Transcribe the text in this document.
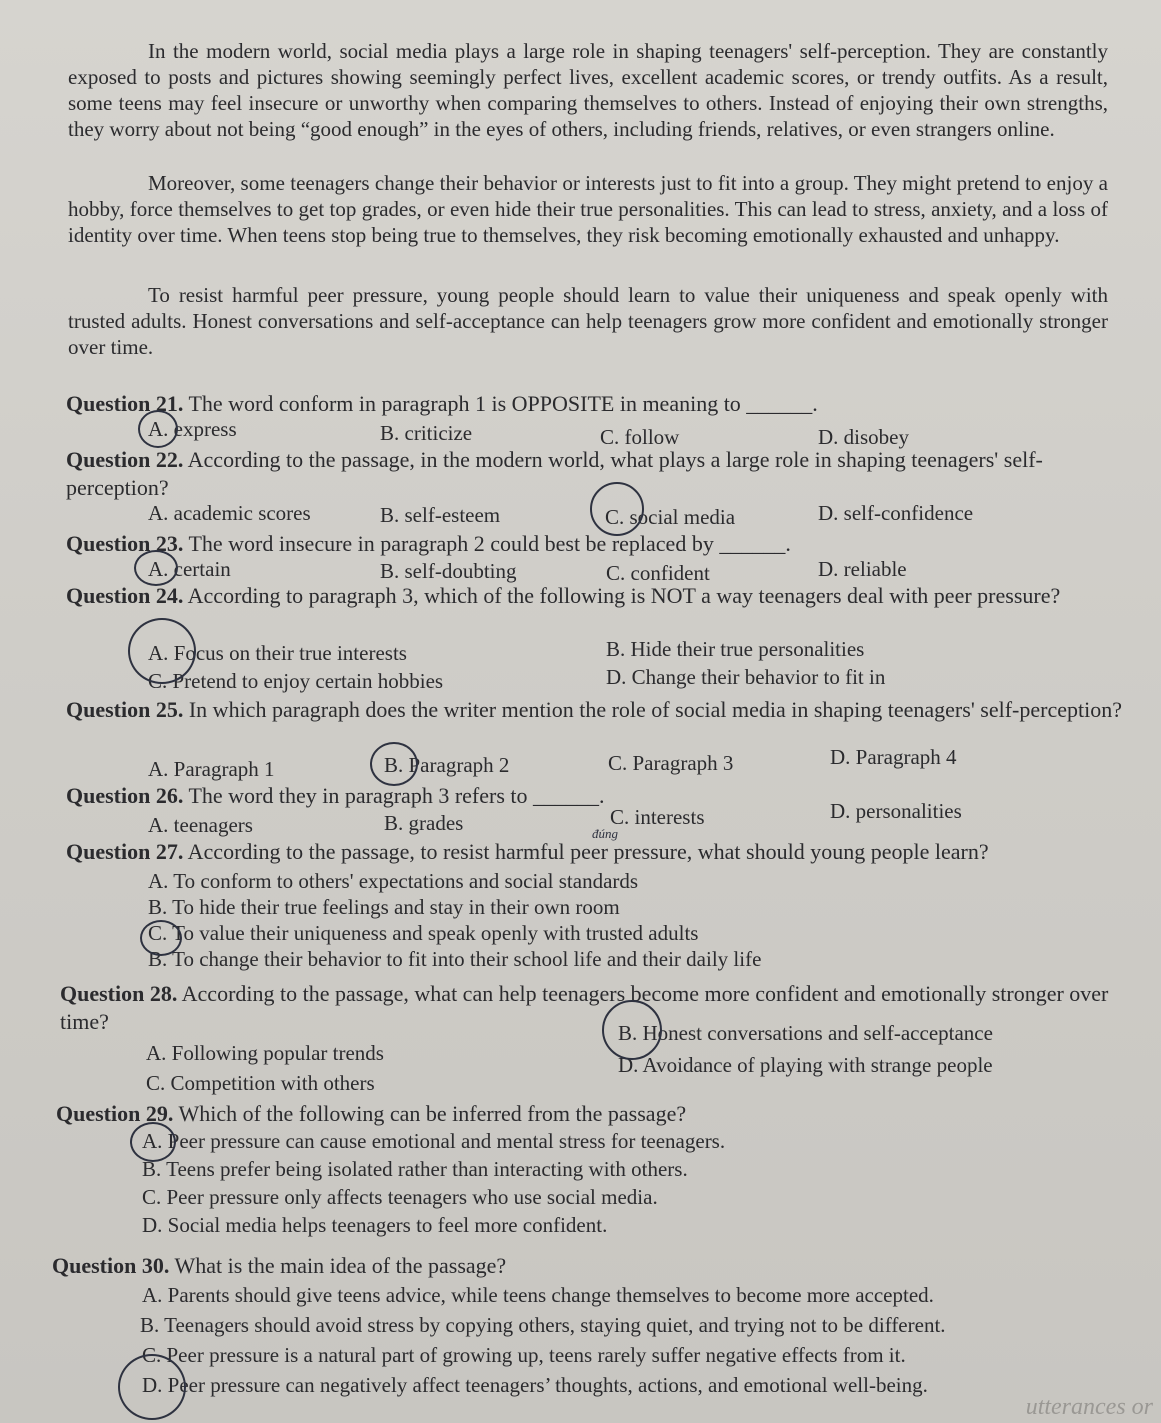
In the modern world, social media plays a large role in shaping teenagers' self-perception. They are constantly exposed to posts and pictures showing seemingly perfect lives, excellent academic scores, or trendy outfits. As a result, some teens may feel insecure or unworthy when comparing themselves to others. Instead of enjoying their own strengths, they worry about not being “good enough” in the eyes of others, including friends, relatives, or even strangers online.
Moreover, some teenagers change their behavior or interests just to fit into a group. They might pretend to enjoy a hobby, force themselves to get top grades, or even hide their true personalities. This can lead to stress, anxiety, and a loss of identity over time. When teens stop being true to themselves, they risk becoming emotionally exhausted and unhappy.
To resist harmful peer pressure, young people should learn to value their uniqueness and speak openly with trusted adults. Honest conversations and self-acceptance can help teenagers grow more confident and emotionally stronger over time.
Question 21. The word conform in paragraph 1 is OPPOSITE in meaning to ______.
A. express	B. criticize	C. follow	D. disobey
Question 22. According to the passage, in the modern world, what plays a large role in shaping teenagers' self-perception?
A. academic scores	B. self-esteem	C. social media	D. self-confidence
Question 23. The word insecure in paragraph 2 could best be replaced by ______.
A. certain	B. self-doubting	C. confident	D. reliable
Question 24. According to paragraph 3, which of the following is NOT a way teenagers deal with peer pressure?
A. Focus on their true interests	B. Hide their true personalities
C. Pretend to enjoy certain hobbies	D. Change their behavior to fit in
Question 25. In which paragraph does the writer mention the role of social media in shaping teenagers' self-perception?
A. Paragraph 1	B. Paragraph 2	C. Paragraph 3	D. Paragraph 4
Question 26. The word they in paragraph 3 refers to ______.
A. teenagers	B. grades	C. interests	D. personalities
đúng
Question 27. According to the passage, to resist harmful peer pressure, what should young people learn?
A. To conform to others' expectations and social standards
B. To hide their true feelings and stay in their own room
C. To value their uniqueness and speak openly with trusted adults
B. To change their behavior to fit into their school life and their daily life
Question 28. According to the passage, what can help teenagers become more confident and emotionally stronger over time?
A. Following popular trends
B. Honest conversations and self-acceptance
C. Competition with others
D. Avoidance of playing with strange people
Question 29. Which of the following can be inferred from the passage?
A. Peer pressure can cause emotional and mental stress for teenagers.
B. Teens prefer being isolated rather than interacting with others.
C. Peer pressure only affects teenagers who use social media.
D. Social media helps teenagers to feel more confident.
Question 30. What is the main idea of the passage?
A. Parents should give teens advice, while teens change themselves to become more accepted.
B. Teenagers should avoid stress by copying others, staying quiet, and trying not to be different.
C. Peer pressure is a natural part of growing up, teens rarely suffer negative effects from it.
D. Peer pressure can negatively affect teenagers’ thoughts, actions, and emotional well-being.
utterances or
